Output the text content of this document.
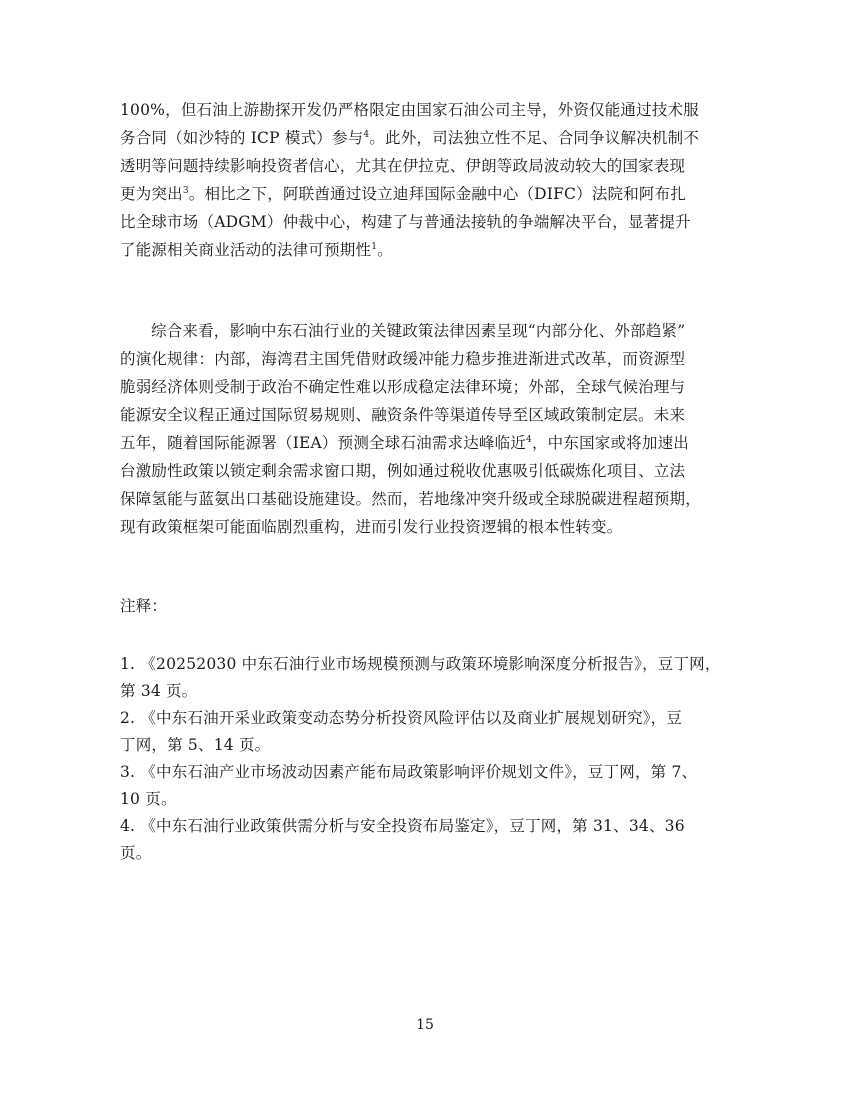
100%，但石油上游勘探开发仍严格限定由国家石油公司主导，外资仅能通过技术服
务合同（如沙特的 ICP 模式）参与$^4$。此外，司法独立性不足、合同争议解决机制不
透明等问题持续影响投资者信心，尤其在伊拉克、伊朗等政局波动较大的国家表现
更为突出$^3$。相比之下，阿联酋通过设立迪拜国际金融中心（DIFC）法院和阿布扎
比全球市场（ADGM）仲裁中心，构建了与普通法接轨的争端解决平台，显著提升
了能源相关商业活动的法律可预期性$^1$。
综合来看，影响中东石油行业的关键政策法律因素呈现“内部分化、外部趋紧”
的演化规律：内部，海湾君主国凭借财政缓冲能力稳步推进渐进式改革，而资源型
脆弱经济体则受制于政治不确定性难以形成稳定法律环境；外部，全球气候治理与
能源安全议程正通过国际贸易规则、融资条件等渠道传导至区域政策制定层。未来
五年，随着国际能源署（IEA）预测全球石油需求达峰临近$^4$，中东国家或将加速出
台激励性政策以锁定剩余需求窗口期，例如通过税收优惠吸引低碳炼化项目、立法
保障氢能与蓝氨出口基础设施建设。然而，若地缘冲突升级或全球脱碳进程超预期，
现有政策框架可能面临剧烈重构，进而引发行业投资逻辑的根本性转变。
注释：
1. 《20252030 中东石油行业市场规模预测与政策环境影响深度分析报告》，豆丁网，
第 34 页。
2. 《中东石油开采业政策变动态势分析投资风险评估以及商业扩展规划研究》，豆
丁网，第 5、14 页。
3. 《中东石油产业市场波动因素产能布局政策影响评价规划文件》，豆丁网，第 7、
10 页。
4. 《中东石油行业政策供需分析与安全投资布局鉴定》，豆丁网，第 31、34、36
页。
15
